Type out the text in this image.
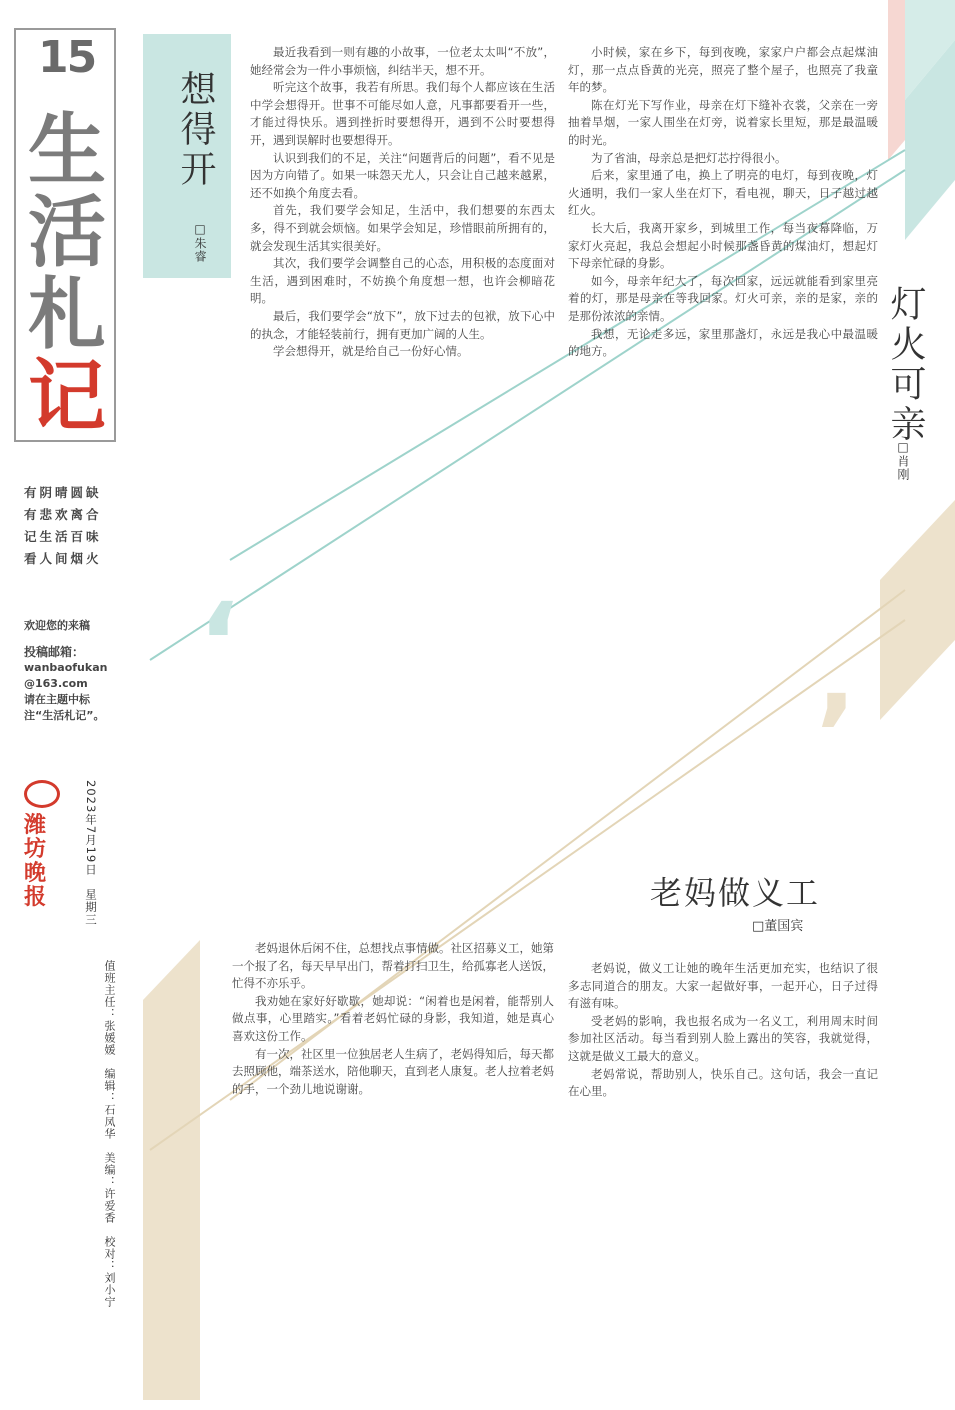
15
生
活
札
记
有阴晴圆缺
有悲欢离合
记生活百味
看人间烟火
欢迎您的来稿
投稿邮箱：
wanbaofukan
@163.com
请在主题中标注“生活札记”。
潍坊晚报	2023年7月19日　星期三
值班主任：张媛媛　编辑：石凤华　美编：许爱香　校对：刘小宁
想得开
□朱睿

最近我看到一则有趣的小故事，一位老太太叫“不放”，她经常会为一件小事烦恼，纠结半天，想不开。

听完这个故事，我若有所思。我们每个人都应该在生活中学会想得开。世事不可能尽如人意，凡事都要看开一些，才能过得快乐。遇到挫折时要想得开，遇到不公时要想得开，遇到误解时也要想得开。

认识到我们的不足，关注“问题背后的问题”，看不见是因为方向错了。如果一味怨天尤人，只会让自己越来越累，还不如换个角度去看。

首先，我们要学会知足，生活中，我们想要的东西太多，得不到就会烦恼。如果学会知足，珍惜眼前所拥有的，就会发现生活其实很美好。

其次，我们要学会调整自己的心态，用积极的态度面对生活，遇到困难时，不妨换个角度想一想，也许会柳暗花明。

最后，我们要学会“放下”，放下过去的包袱，放下心中的执念，才能轻装前行，拥有更加广阔的人生。

学会想得开，就是给自己一份好心情。	灯火可亲
□肖刚

小时候，家在乡下，每到夜晚，家家户户都会点起煤油灯，那一点点昏黄的光亮，照亮了整个屋子，也照亮了我童年的梦。

陈在灯光下写作业，母亲在灯下缝补衣裳，父亲在一旁抽着旱烟，一家人围坐在灯旁，说着家长里短，那是最温暖的时光。

为了省油，母亲总是把灯芯拧得很小。

后来，家里通了电，换上了明亮的电灯，每到夜晚，灯火通明，我们一家人坐在灯下，看电视，聊天，日子越过越红火。

长大后，我离开家乡，到城里工作，每当夜幕降临，万家灯火亮起，我总会想起小时候那盏昏黄的煤油灯，想起灯下母亲忙碌的身影。

如今，母亲年纪大了，每次回家，远远就能看到家里亮着的灯，那是母亲在等我回家。灯火可亲，亲的是家，亲的是那份浓浓的亲情。

我想，无论走多远，家里那盏灯，永远是我心中最温暖的地方。

‘
’
老妈做义工
□董国宾

老妈退休后闲不住，总想找点事情做。社区招募义工，她第一个报了名，每天早早出门，帮着打扫卫生，给孤寡老人送饭，忙得不亦乐乎。

我劝她在家好好歇歇，她却说：“闲着也是闲着，能帮别人做点事，心里踏实。”看着老妈忙碌的身影，我知道，她是真心喜欢这份工作。

有一次，社区里一位独居老人生病了，老妈得知后，每天都去照顾他，端茶送水，陪他聊天，直到老人康复。老人拉着老妈的手，一个劲儿地说谢谢。

老妈说，做义工让她的晚年生活更加充实，也结识了很多志同道合的朋友。大家一起做好事，一起开心，日子过得有滋有味。

受老妈的影响，我也报名成为一名义工，利用周末时间参加社区活动。每当看到别人脸上露出的笑容，我就觉得，这就是做义工最大的意义。

老妈常说，帮助别人，快乐自己。这句话，我会一直记在心里。
